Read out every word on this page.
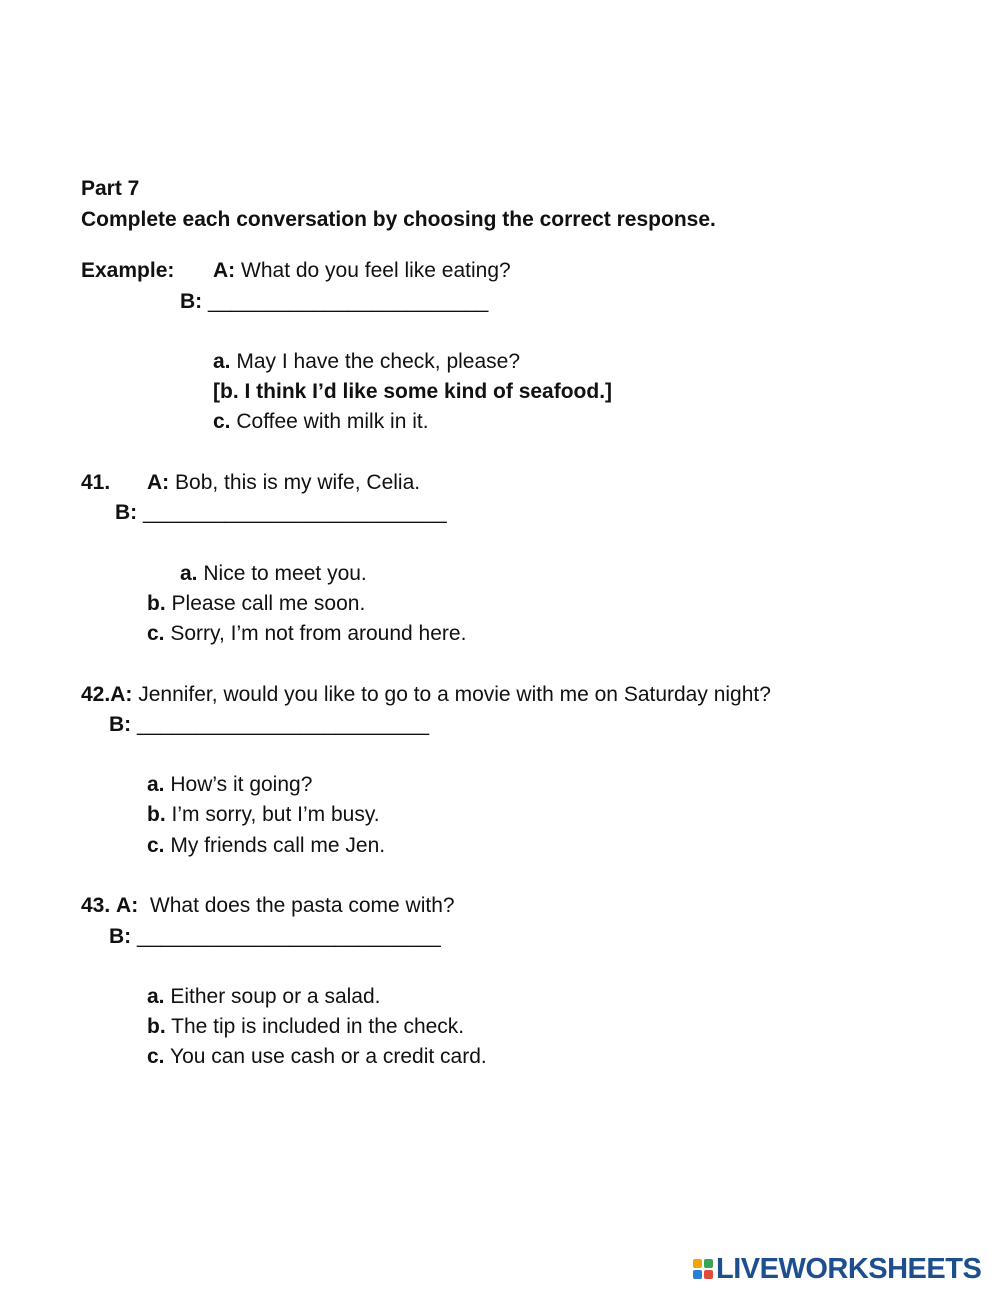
Part 7
Complete each conversation by choosing the correct response.
Example: A: What do you feel like eating?
B: ________________________
a. May I have the check, please?
[b. I think I’d like some kind of seafood.]
c. Coffee with milk in it.
41. A: Bob, this is my wife, Celia.
B: __________________________
a. Nice to meet you.
b. Please call me soon.
c. Sorry, I’m not from around here.
42.A: Jennifer, would you like to go to a movie with me on Saturday night?
B: _________________________
a. How’s it going?
b. I’m sorry, but I’m busy.
c. My friends call me Jen.
43. A: What does the pasta come with?
B: __________________________
a. Either soup or a salad.
b. The tip is included in the check.
c. You can use cash or a credit card.
LIVEWORKSHEETS
